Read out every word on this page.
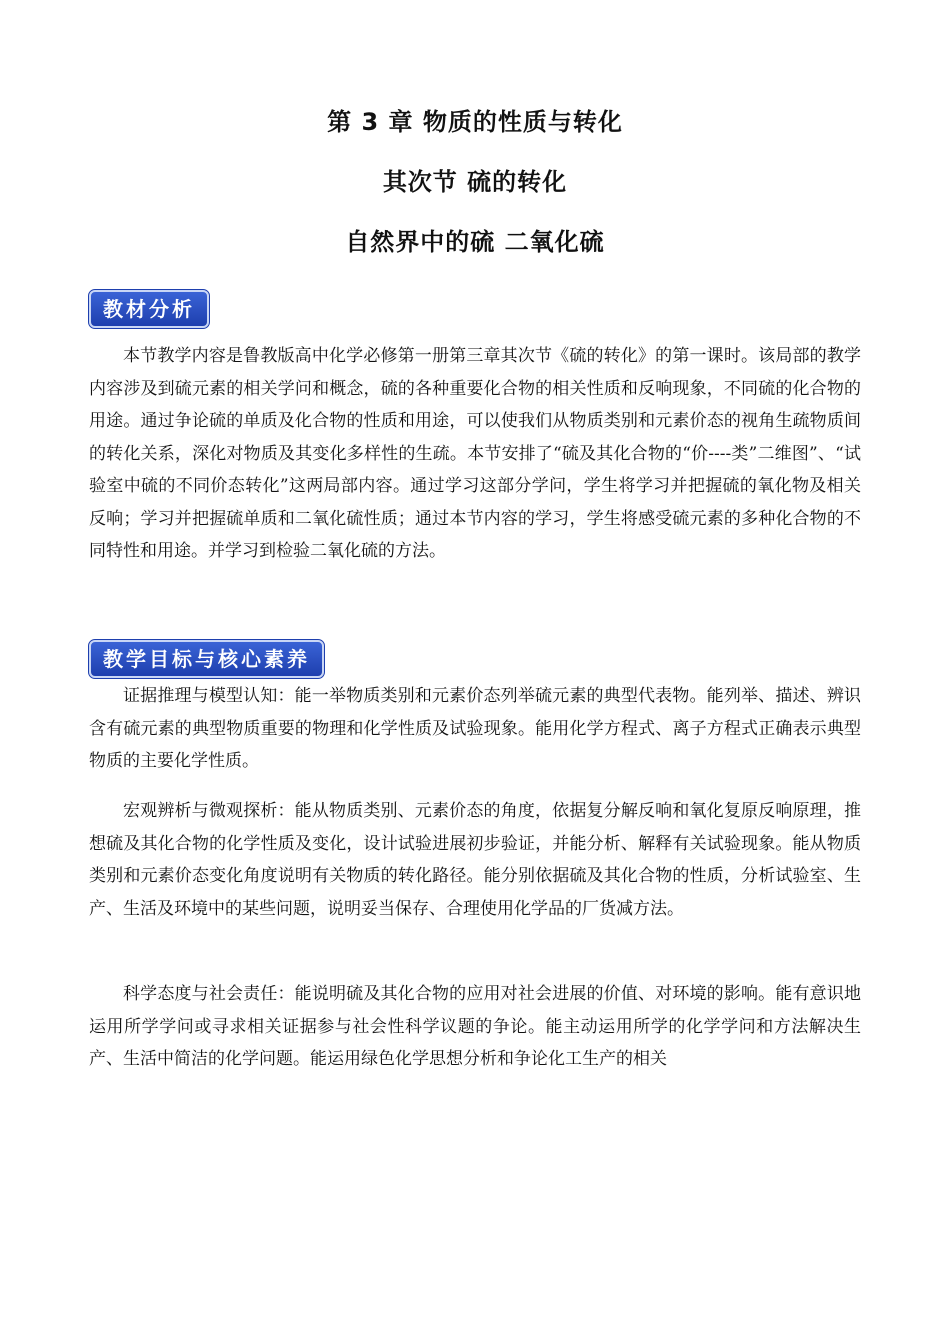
第 3 章 物质的性质与转化
其次节 硫的转化
自然界中的硫 二氧化硫
教材分析

本节教学内容是鲁教版高中化学必修第一册第三章其次节《硫的转化》的第一课时。该局部的教学内容涉及到硫元素的相关学问和概念，硫的各种重要化合物的相关性质和反响现象，不同硫的化合物的用途。通过争论硫的单质及化合物的性质和用途，可以使我们从物质类别和元素价态的视角生疏物质间的转化关系，深化对物质及其变化多样性的生疏。本节安排了“硫及其化合物的“价----类”二维图”、“试验室中硫的不同价态转化”这两局部内容。通过学习这部分学问，学生将学习并把握硫的氧化物及相关反响；学习并把握硫单质和二氧化硫性质；通过本节内容的学习，学生将感受硫元素的多种化合物的不同特性和用途。并学习到检验二氧化硫的方法。

教学目标与核心素养

证据推理与模型认知：能一举物质类别和元素价态列举硫元素的典型代表物。能列举、描述、辨识含有硫元素的典型物质重要的物理和化学性质及试验现象。能用化学方程式、离子方程式正确表示典型物质的主要化学性质。

宏观辨析与微观探析：能从物质类别、元素价态的角度，依据复分解反响和氧化复原反响原理，推想硫及其化合物的化学性质及变化，设计试验进展初步验证，并能分析、解释有关试验现象。能从物质类别和元素价态变化角度说明有关物质的转化路径。能分别依据硫及其化合物的性质，分析试验室、生产、生活及环境中的某些问题，说明妥当保存、合理使用化学品的厂货减方法。

科学态度与社会责任：能说明硫及其化合物的应用对社会进展的价值、对环境的影响。能有意识地运用所学学问或寻求相关证据参与社会性科学议题的争论。能主动运用所学的化学学问和方法解决生产、生活中简洁的化学问题。能运用绿色化学思想分析和争论化工生产的相关
